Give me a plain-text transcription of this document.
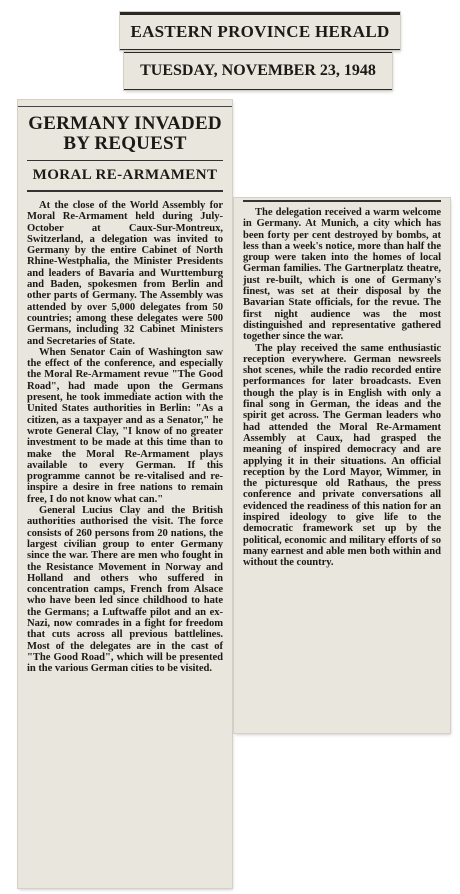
EASTERN PROVINCE HERALD
TUESDAY, NOVEMBER 23, 1948
GERMANY INVADED BY REQUEST
MORAL RE-ARMAMENT

At the close of the World Assembly for Moral Re-Armament held during July-October at Caux-Sur-Montreux, Switzerland, a delegation was invited to Germany by the entire Cabinet of North Rhine-Westphalia, the Minister Presidents and leaders of Bavaria and Wurttemburg and Baden, spokesmen from Berlin and other parts of Germany. The Assembly was attended by over 5,000 delegates from 50 countries; among these delegates were 500 Germans, including 32 Cabinet Ministers and Secretaries of State.

When Senator Cain of Washington saw the effect of the conference, and especially the Moral Re-Armament revue "The Good Road", had made upon the Germans present, he took immediate action with the United States authorities in Berlin: "As a citizen, as a taxpayer and as a Senator," he wrote General Clay, "I know of no greater investment to be made at this time than to make the Moral Re-Armament plays available to every German. If this programme cannot be re-vitalised and re-inspire a desire in free nations to remain free, I do not know what can."

General Lucius Clay and the British authorities authorised the visit. The force consists of 260 persons from 20 nations, the largest civilian group to enter Germany since the war. There are men who fought in the Resistance Movement in Norway and Holland and others who suffered in concentration camps, French from Alsace who have been led since childhood to hate the Germans; a Luftwaffe pilot and an ex-Nazi, now comrades in a fight for freedom that cuts across all previous battlelines. Most of the delegates are in the cast of "The Good Road", which will be presented in the various German cities to be visited.

The delegation received a warm welcome in Germany. At Munich, a city which has been forty per cent destroyed by bombs, at less than a week's notice, more than half the group were taken into the homes of local German families. The Gartnerplatz theatre, just re-built, which is one of Germany's finest, was set at their disposal by the Bavarian State officials, for the revue. The first night audience was the most distinguished and representative gathered together since the war.

The play received the same enthusiastic reception everywhere. German newsreels shot scenes, while the radio recorded entire performances for later broadcasts. Even though the play is in English with only a final song in German, the ideas and the spirit get across. The German leaders who had attended the Moral Re-Armament Assembly at Caux, had grasped the meaning of inspired democracy and are applying it in their situations. An official reception by the Lord Mayor, Wimmer, in the picturesque old Rathaus, the press conference and private conversations all evidenced the readiness of this nation for an inspired ideology to give life to the democratic framework set up by the political, economic and military efforts of so many earnest and able men both within and without the country.
